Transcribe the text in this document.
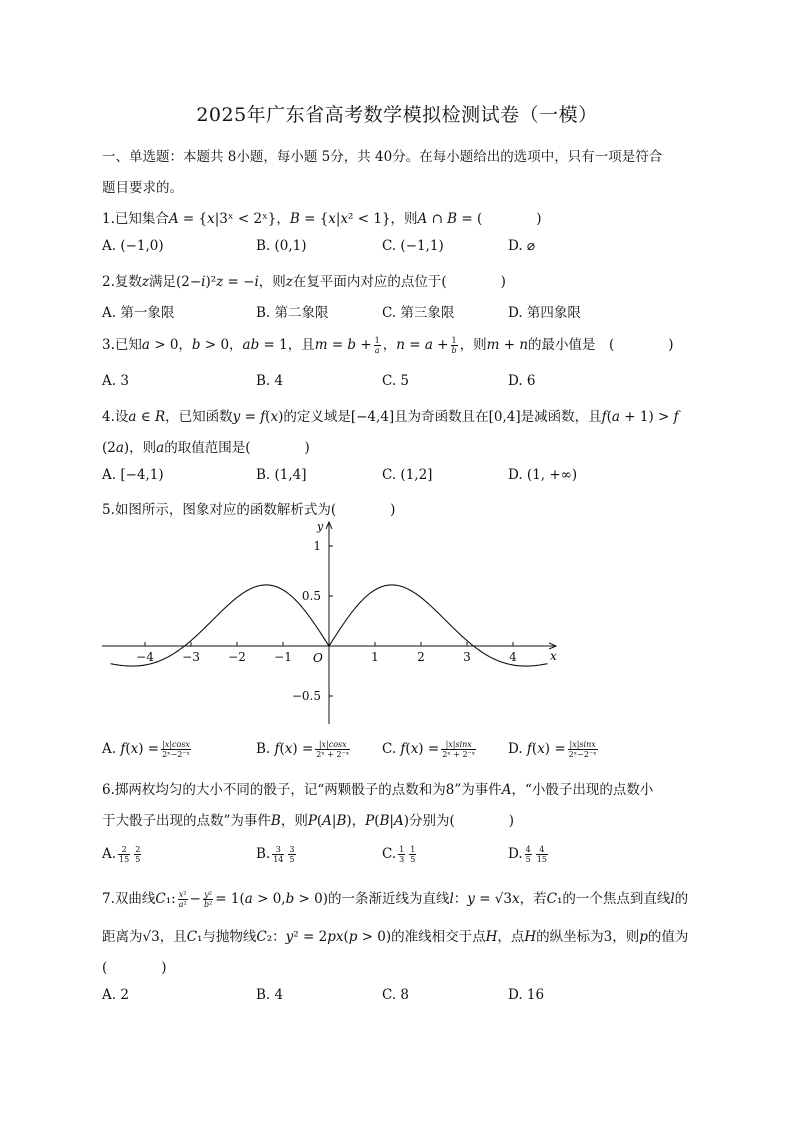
2025年广东省高考数学模拟检测试卷（一模）
一、单选题：本题共 8小题，每小题 5分，共 40分。在每小题给出的选项中，只有一项是符合
题目要求的。
1.已知集合𝐴 = {𝑥|3ˣ < 2ˣ}，𝐵 = {𝑥|𝑥² < 1}，则𝐴 ∩ 𝐵 = (　　　　)
A. (−1,0)	B. (0,1)	C. (−1,1)	D. ⌀
2.复数𝑧满足(2−𝑖)²𝑧 = −𝑖，则𝑧在复平面内对应的点位于(　　　　)
A. 第一象限	B. 第二象限	C. 第三象限	D. 第四象限
3.已知𝑎 > 0，𝑏 > 0，𝑎𝑏 = 1，且𝑚 = 𝑏 + $\frac{1}{\text{𝑎}}$ ，𝑛 = 𝑎 + $\frac{1}{\text{𝑏}}$ ，则𝑚 + 𝑛的最小值是　(　　　　)
A. 3	B. 4	C. 5	D. 6
4.设𝑎 ∈ 𝑅，已知函数𝑦 = 𝑓(𝑥)的定义域是[−4,4]且为奇函数且在[0,4]是减函数，且𝑓(𝑎 + 1) > 𝑓
(2𝑎)，则𝑎的取值范围是(　　　　)
A. [−4,1)	B. (1,4]	C. (1,2]	D. (1, +∞)
5.如图所示，图象对应的函数解析式为(　　　　)
−4 −3 −2 −1	1	2	3	4
1
0.5
−0.5
𝑥
𝑦
𝑂
A. 𝑓(𝑥) = $\frac{\text{|𝑥|𝑐𝑜𝑠𝑥}}{\text{2ˣ−2⁻ˣ}}$	B. 𝑓(𝑥) = $\frac{\text{|𝑥|𝑐𝑜𝑠𝑥}}{\text{2ˣ + 2⁻ˣ}} C$. 𝑓(𝑥) = $\frac{\text{|𝑥|𝑠𝑖𝑛𝑥}}{\text{2ˣ + 2⁻ˣ}} D$. 𝑓(𝑥) = $\frac{\text{|𝑥|𝑠𝑖𝑛𝑥}}{\text{2ˣ−2⁻ˣ}}$
6.掷两枚均匀的大小不同的骰子，记“两颗骰子的点数和为8”为事件𝐴，“小骰子出现的点数小
于大骰子出现的点数”为事件𝐵，则𝑃(𝐴|𝐵)，𝑃(𝐵|𝐴)分别为(　　　　)
A. $\frac{2}{15} \frac{2}{5}$	B. $\frac{3}{14} \frac{3}{5}$	C. $\frac{1}{3} \frac{1}{5}$	D. $\frac{4}{5} \frac{4}{15}$
7.双曲线𝐶₁: $\frac{\text{𝑥²}}{\text{𝑎²}} - \frac{\text{𝑦²}}{\text{𝑏²}}$ = 1(𝑎 > 0,𝑏 > 0)的一条渐近线为直线𝑙：𝑦 = √3𝑥，若𝐶₁的一个焦点到直线𝑙的
距离为√3，且𝐶₁与抛物线𝐶₂：𝑦² = 2𝑝𝑥(𝑝 > 0)的准线相交于点𝐻，点𝐻的纵坐标为3，则𝑝的值为
(　　　　)
A. 2	B. 4	C. 8	D. 16
